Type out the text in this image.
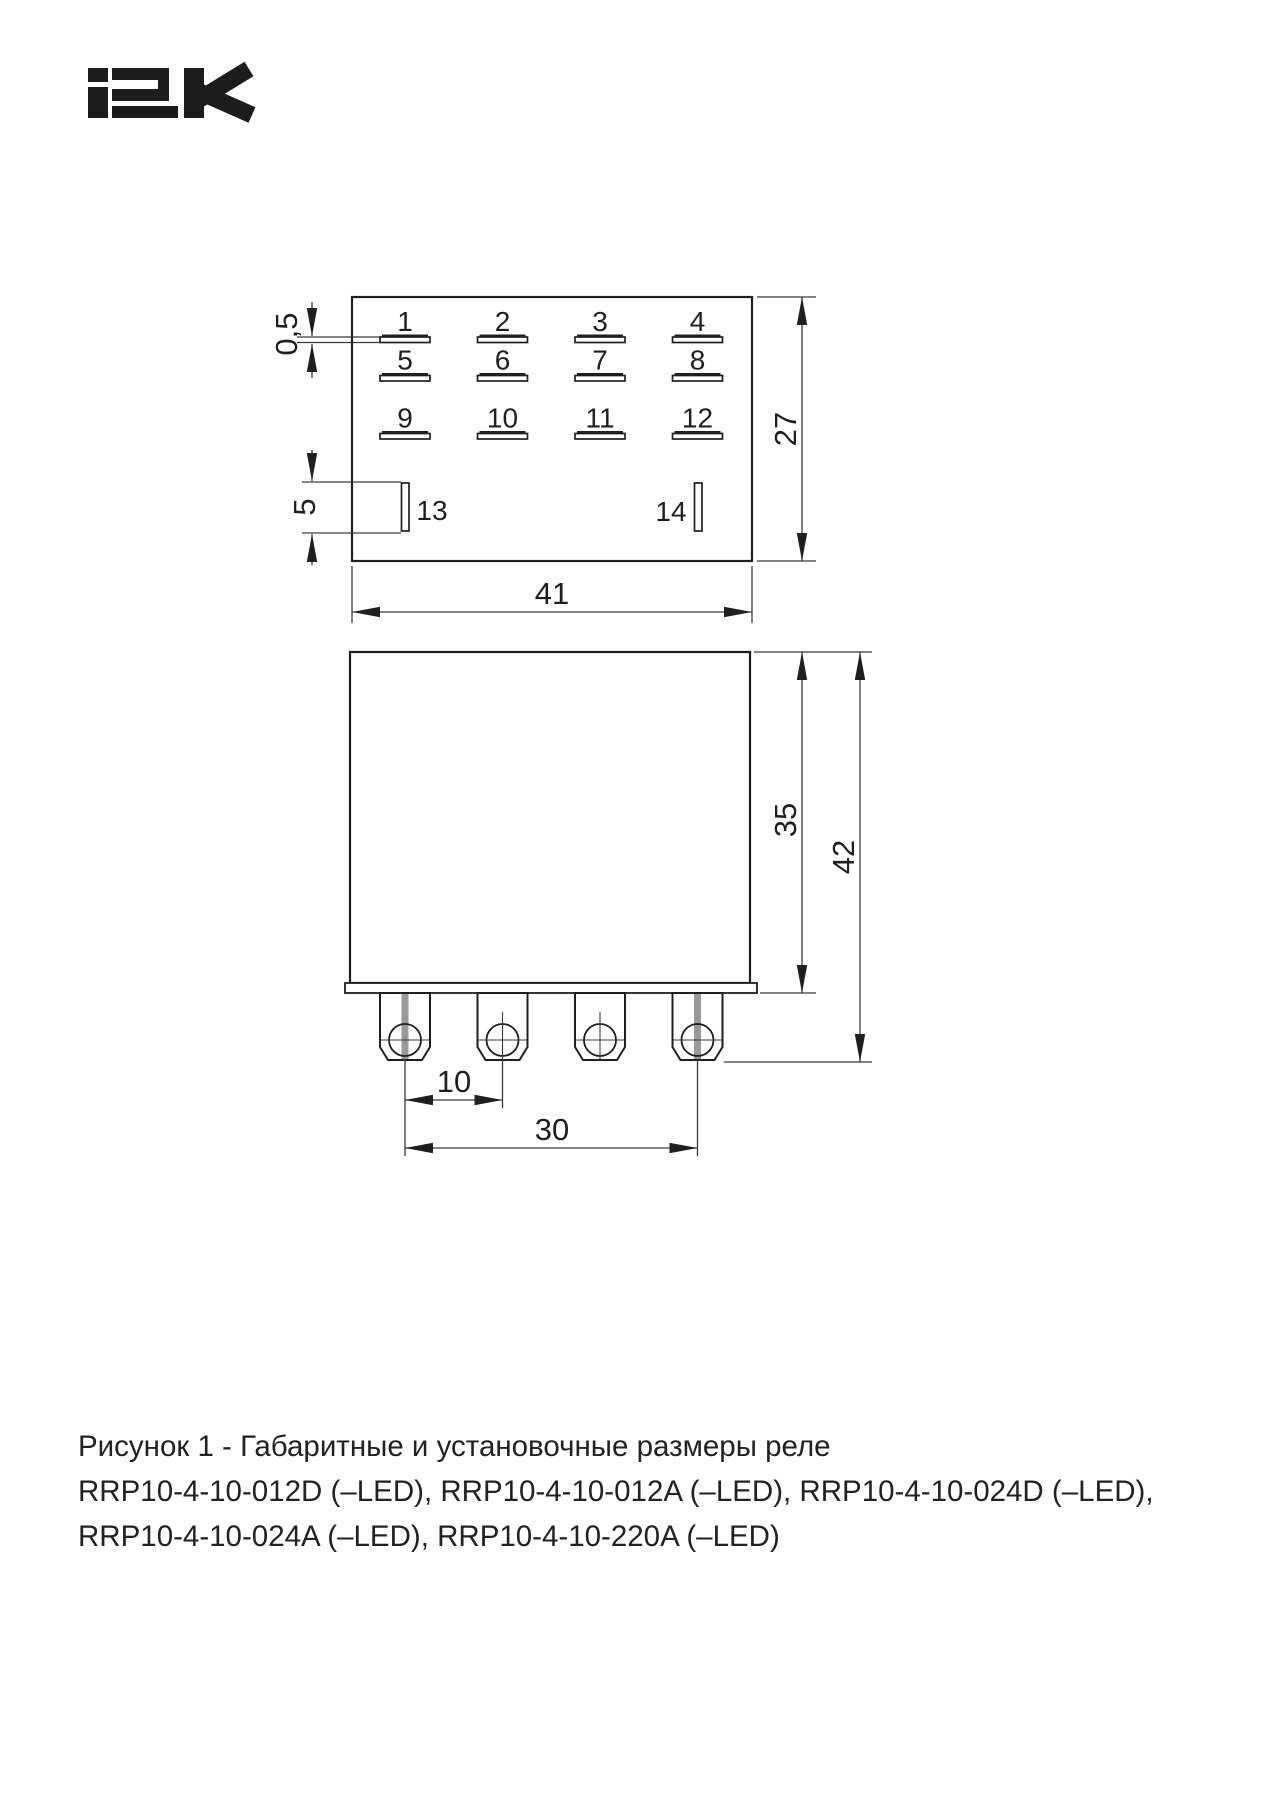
1	2	3	4
5	6	7	8
9	10 11 12
13	14
0,5
5
41
27
10
30
35
42
Рисунок 1 - Габаритные и установочные размеры реле
RRP10-4-10-012D (–LED), RRP10-4-10-012A (–LED), RRP10-4-10-024D (–LED),
RRP10-4-10-024A (–LED), RRP10-4-10-220A (–LED)
